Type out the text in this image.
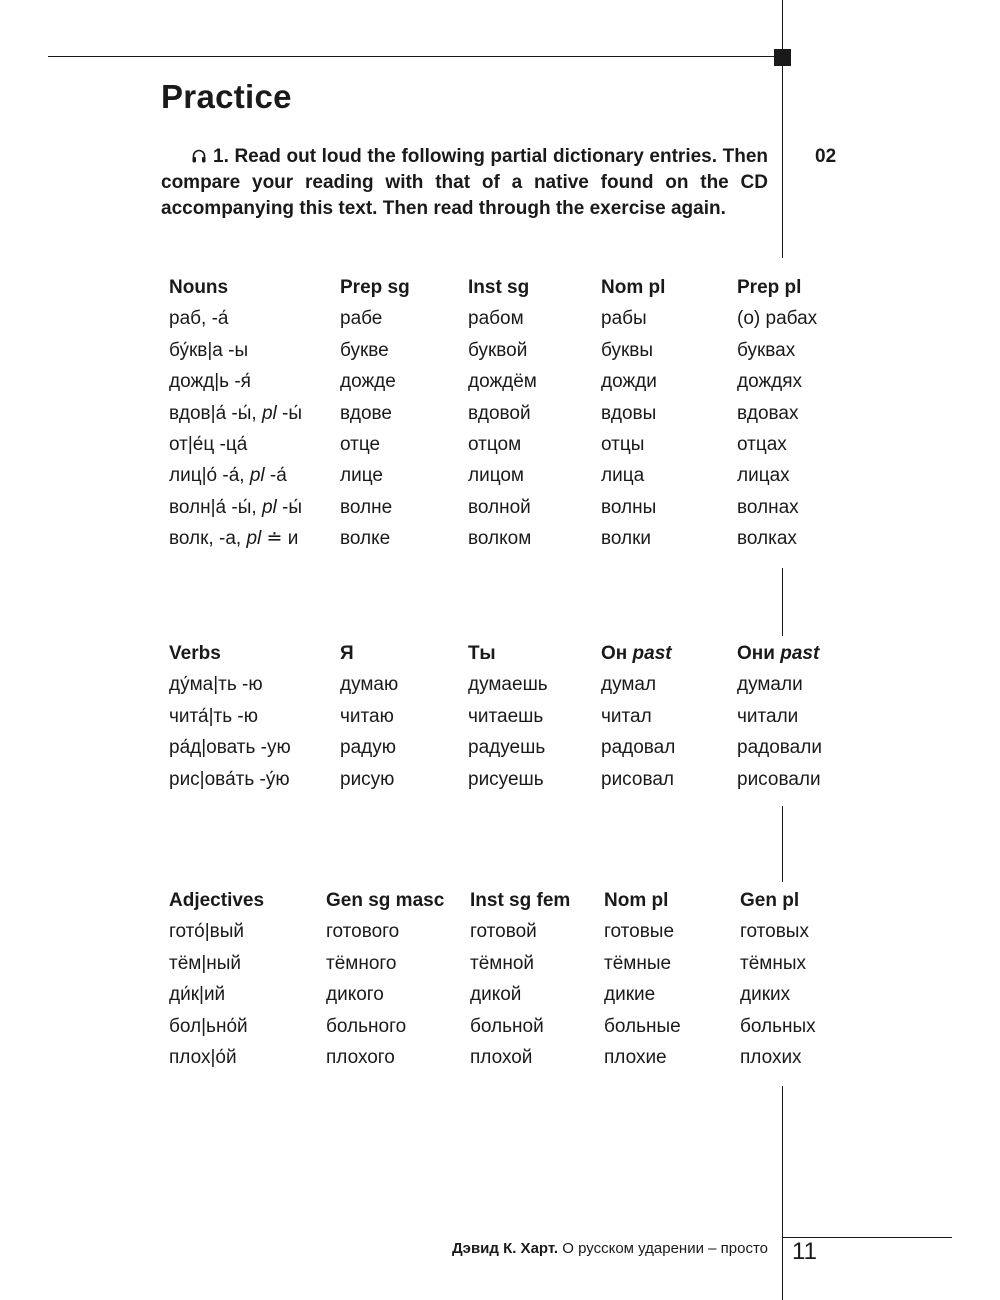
Practice

1. Read out loud the following partial dictionary entries. Then compare your reading with that of a native found on the CD accompanying this text. Then read through the exercise again.

02
Nouns	Prep sg	Inst sg	Nom pl	Prep pl
раб, -а́	рабе	рабом	рабы	(о) рабах
бу́кв|а -ы	букве	буквой	буквы	буквах
дожд|ь -я́	дожде	дождём	дожди	дождях
вдов|а́ -ы́, pl -ы́	вдове	вдовой	вдовы	вдовах
от|е́ц -ца́	отце	отцом	отцы	отцах
лиц|о́ -а́, pl -а́	лице	лицом	лица	лицах
волн|а́ -ы́, pl -ы́	волне	волной	волны	волнах
волк, -а, pl ≐ и	волке	волком	волки	волках
Verbs	Я	Ты	Он past	Они past
ду́ма|ть -ю	думаю	думаешь	думал	думали
чита́|ть -ю	читаю	читаешь	читал	читали
ра́д|овать -ую	радую	радуешь	радовал	радовали
рис|ова́ть -у́ю	рисую	рисуешь	рисовал	рисовали
Adjectives	Gen sg masc	Inst sg fem	Nom pl	Gen pl
гото́|вый	готового	готовой	готовые	готовых
тём|ный	тёмного	тёмной	тёмные	тёмных
ди́к|ий	дикого	дикой	дикие	диких
бол|ьно́й	больного	больной	больные	больных
плох|о́й	плохого	плохой	плохие	плохих
Дэвид К. Харт. О русском ударении – просто 11
